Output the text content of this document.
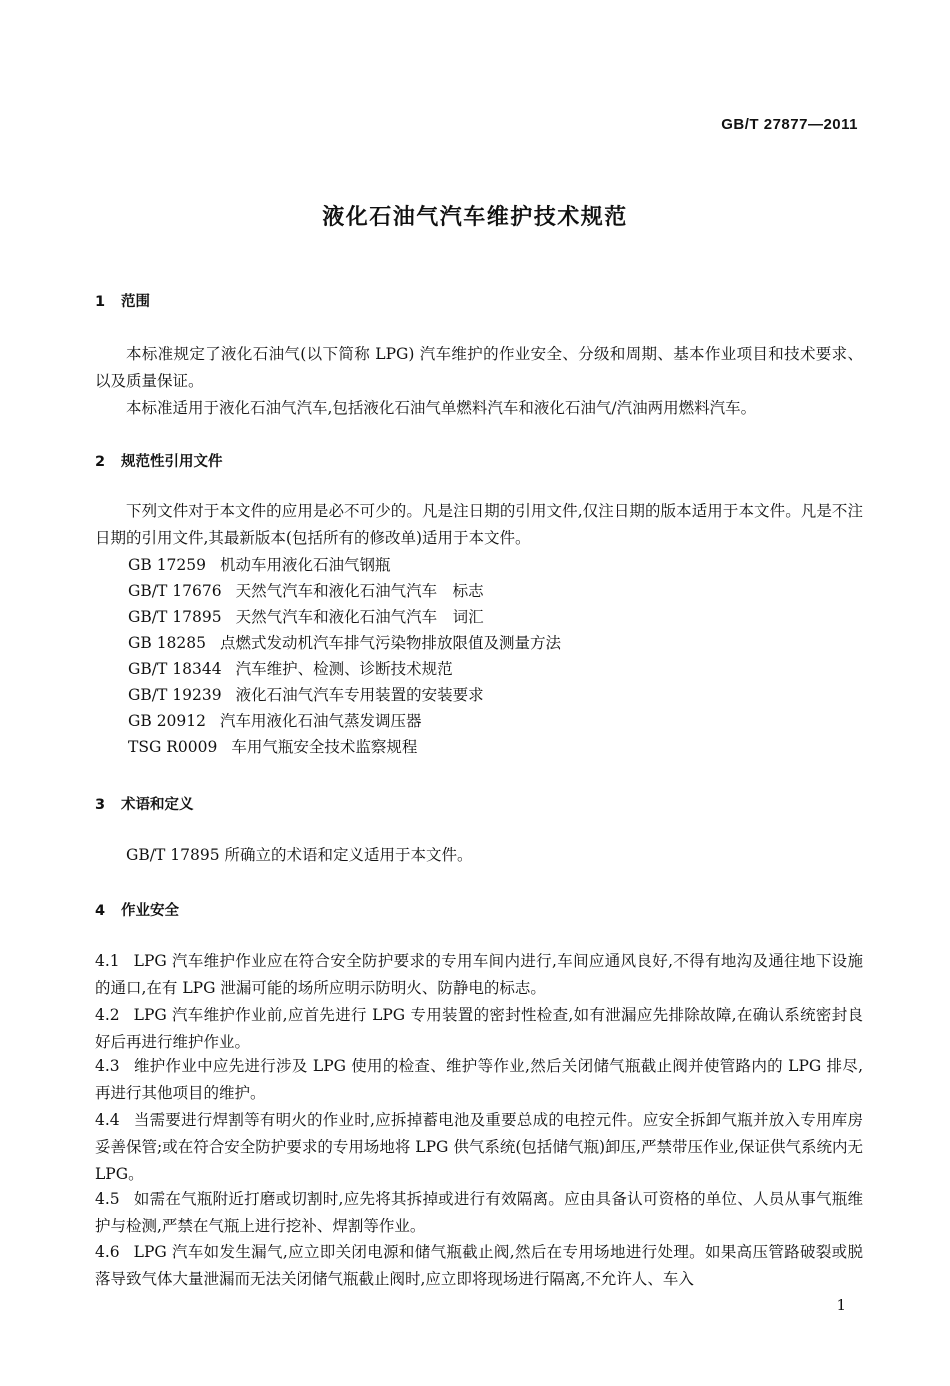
GB/T 27877—2011
液化石油气汽车维护技术规范
1 范围
本标准规定了液化石油气(以下简称 LPG) 汽车维护的作业安全、分级和周期、基本作业项目和技术要求、以及质量保证。
本标准适用于液化石油气汽车,包括液化石油气单燃料汽车和液化石油气/汽油两用燃料汽车。
2 规范性引用文件
下列文件对于本文件的应用是必不可少的。凡是注日期的引用文件,仅注日期的版本适用于本文件。凡是不注日期的引用文件,其最新版本(包括所有的修改单)适用于本文件。
GB 17259 机动车用液化石油气钢瓶
GB/T 17676 天然气汽车和液化石油气汽车　标志
GB/T 17895 天然气汽车和液化石油气汽车　词汇
GB 18285 点燃式发动机汽车排气污染物排放限值及测量方法
GB/T 18344 汽车维护、检测、诊断技术规范
GB/T 19239 液化石油气汽车专用装置的安装要求
GB 20912 汽车用液化石油气蒸发调压器
TSG R0009 车用气瓶安全技术监察规程
3 术语和定义
GB/T 17895 所确立的术语和定义适用于本文件。
4 作业安全
4.1 LPG 汽车维护作业应在符合安全防护要求的专用车间内进行,车间应通风良好,不得有地沟及通往地下设施的通口,在有 LPG 泄漏可能的场所应明示防明火、防静电的标志。
4.2 LPG 汽车维护作业前,应首先进行 LPG 专用装置的密封性检查,如有泄漏应先排除故障,在确认系统密封良好后再进行维护作业。
4.3 维护作业中应先进行涉及 LPG 使用的检查、维护等作业,然后关闭储气瓶截止阀并使管路内的 LPG 排尽,再进行其他项目的维护。
4.4 当需要进行焊割等有明火的作业时,应拆掉蓄电池及重要总成的电控元件。应安全拆卸气瓶并放入专用库房妥善保管;或在符合安全防护要求的专用场地将 LPG 供气系统(包括储气瓶)卸压,严禁带压作业,保证供气系统内无 LPG。
4.5 如需在气瓶附近打磨或切割时,应先将其拆掉或进行有效隔离。应由具备认可资格的单位、人员从事气瓶维护与检测,严禁在气瓶上进行挖补、焊割等作业。
4.6 LPG 汽车如发生漏气,应立即关闭电源和储气瓶截止阀,然后在专用场地进行处理。如果高压管路破裂或脱落导致气体大量泄漏而无法关闭储气瓶截止阀时,应立即将现场进行隔离,不允许人、车入
1
